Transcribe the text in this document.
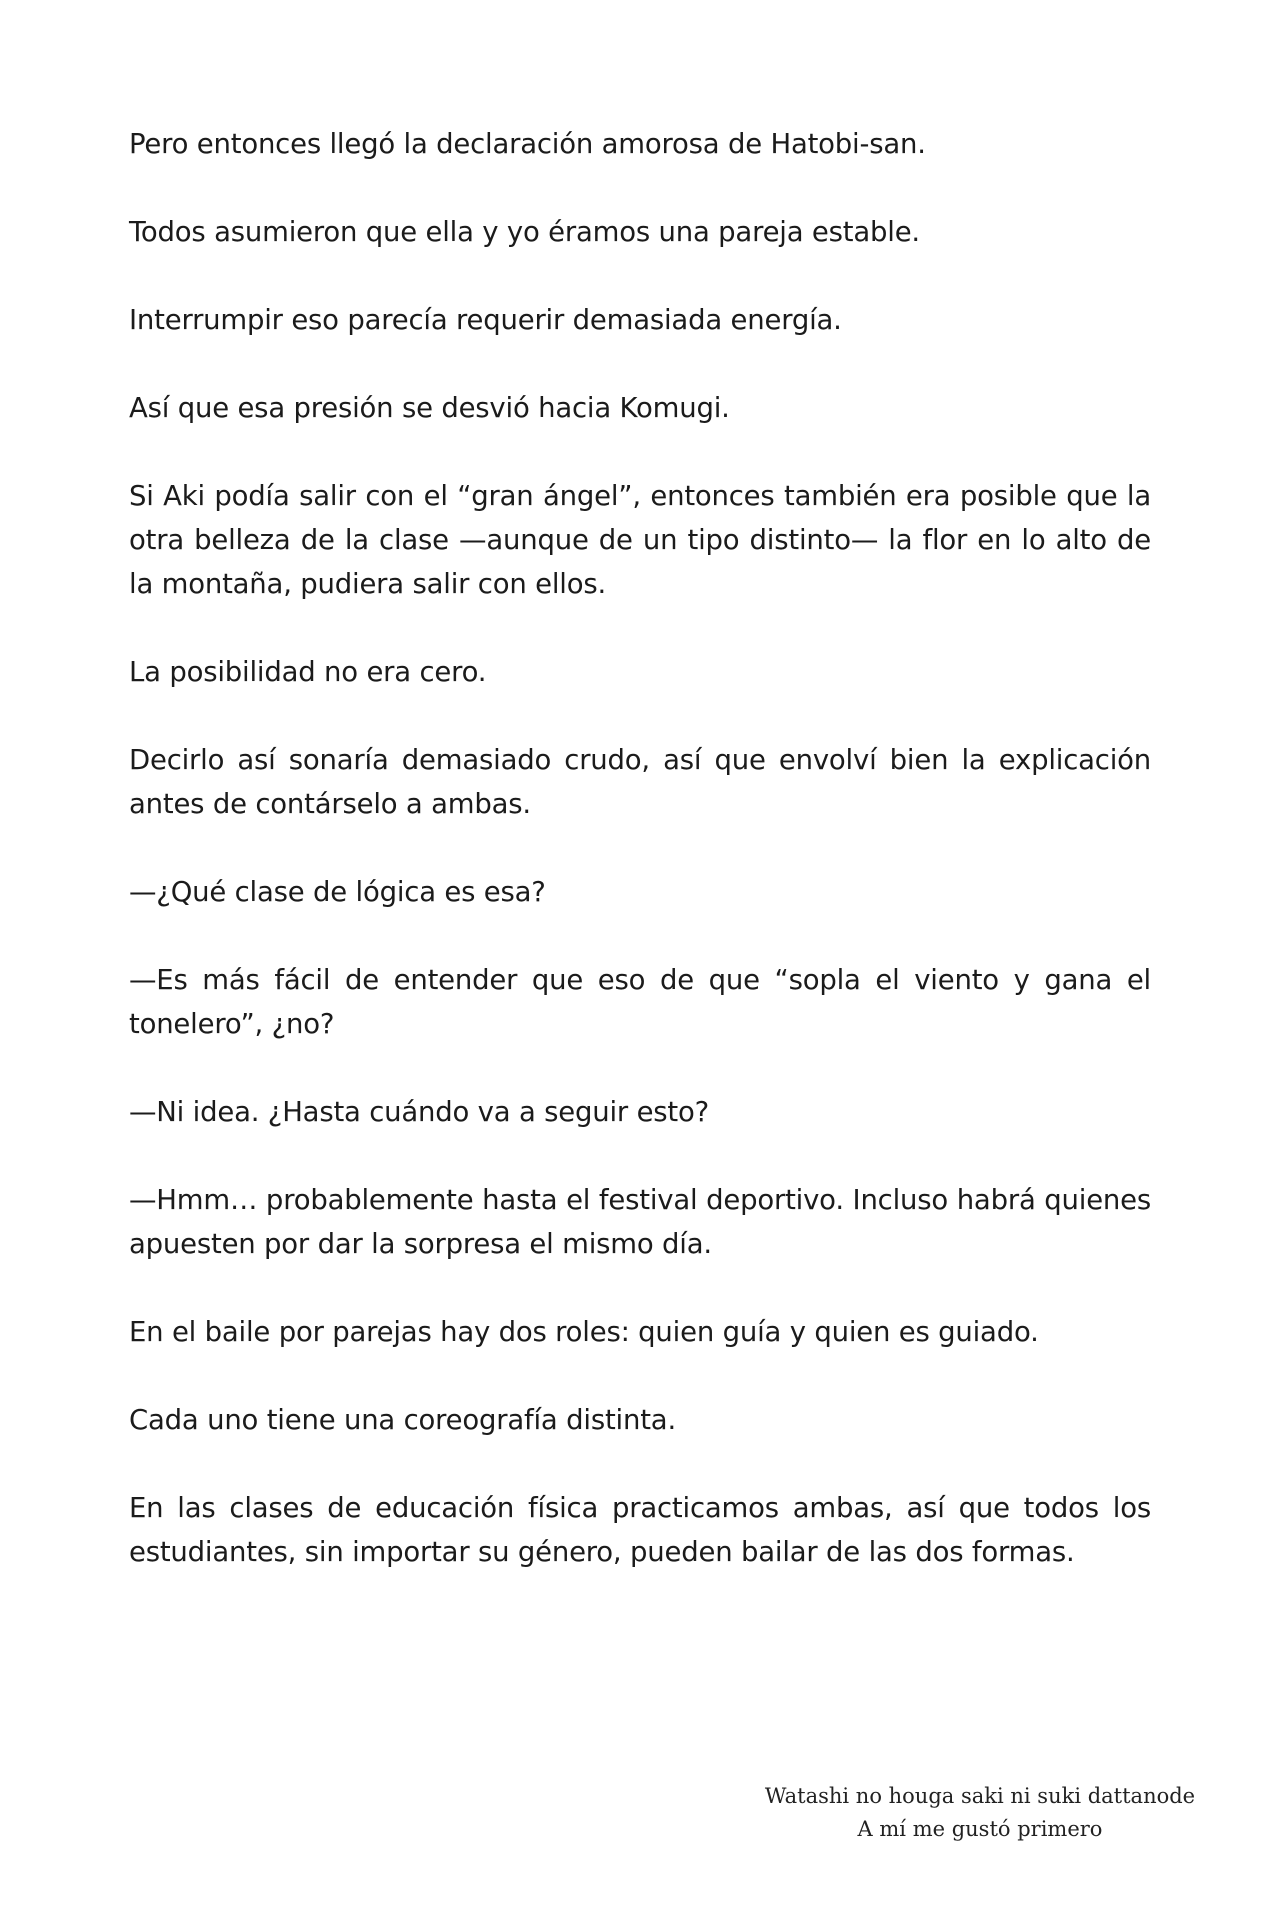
Pero entonces llegó la declaración amorosa de Hatobi-san.

Todos asumieron que ella y yo éramos una pareja estable.

Interrumpir eso parecía requerir demasiada energía.

Así que esa presión se desvió hacia Komugi.

Si Aki podía salir con el “gran ángel”, entonces también era posible que la otra belleza de la clase —aunque de un tipo distinto— la flor en lo alto de la montaña, pudiera salir con ellos.

La posibilidad no era cero.

Decirlo así sonaría demasiado crudo, así que envolví bien la explicación antes de contárselo a ambas.

—¿Qué clase de lógica es esa?

—Es más fácil de entender que eso de que “sopla el viento y gana el tonelero”, ¿no?

—Ni idea. ¿Hasta cuándo va a seguir esto?

—Hmm… probablemente hasta el festival deportivo. Incluso habrá quienes apuesten por dar la sorpresa el mismo día.

En el baile por parejas hay dos roles: quien guía y quien es guiado.

Cada uno tiene una coreografía distinta.

En las clases de educación física practicamos ambas, así que todos los estudiantes, sin importar su género, pueden bailar de las dos formas.

Watashi no houga saki ni suki dattanode
A mí me gustó primero
